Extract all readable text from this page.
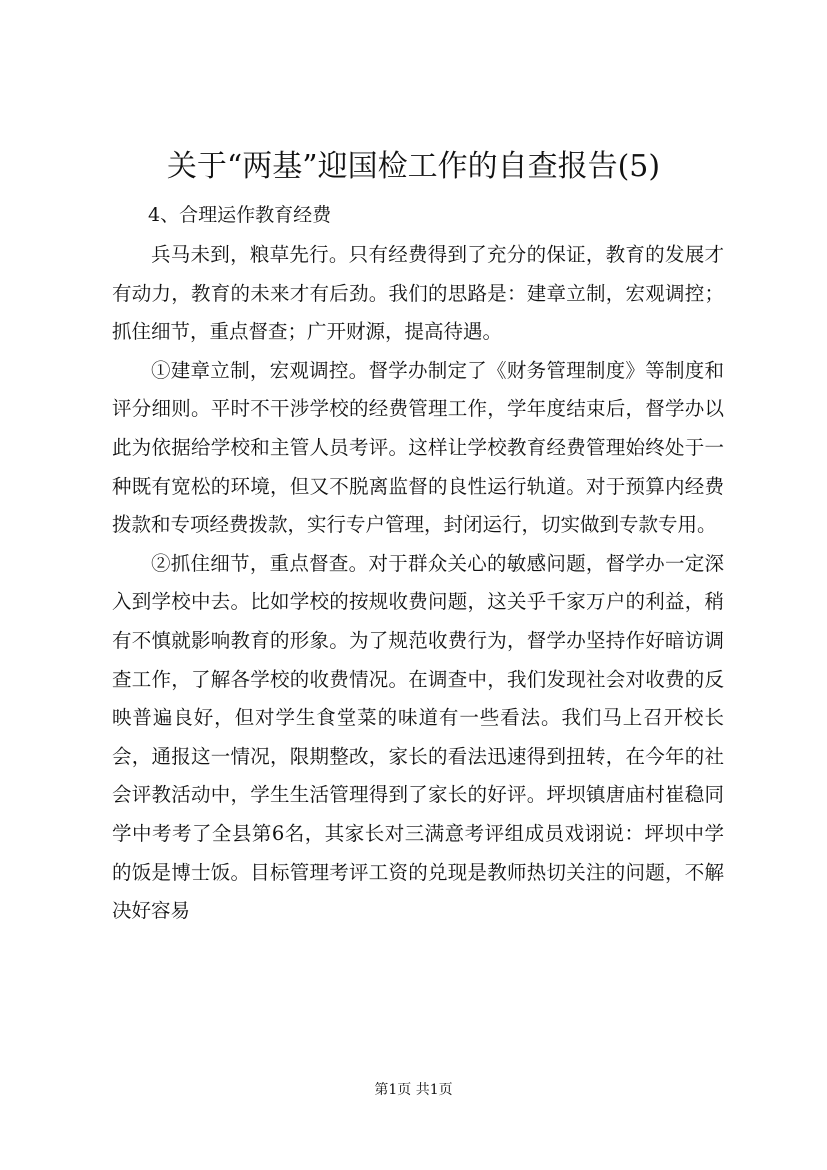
关于“两基”迎国检工作的自查报告(5)

4、合理运作教育经费

兵马未到，粮草先行。只有经费得到了充分的保证，教育的发展才有动力，教育的未来才有后劲。我们的思路是：建章立制，宏观调控；抓住细节，重点督查；广开财源，提高待遇。

①建章立制，宏观调控。督学办制定了《财务管理制度》等制度和评分细则。平时不干涉学校的经费管理工作，学年度结束后，督学办以此为依据给学校和主管人员考评。这样让学校教育经费管理始终处于一种既有宽松的环境，但又不脱离监督的良性运行轨道。对于预算内经费拨款和专项经费拨款，实行专户管理，封闭运行，切实做到专款专用。

②抓住细节，重点督查。对于群众关心的敏感问题，督学办一定深入到学校中去。比如学校的按规收费问题，这关乎千家万户的利益，稍有不慎就影响教育的形象。为了规范收费行为，督学办坚持作好暗访调查工作，了解各学校的收费情况。在调查中，我们发现社会对收费的反映普遍良好，但对学生食堂菜的味道有一些看法。我们马上召开校长会，通报这一情况，限期整改，家长的看法迅速得到扭转，在今年的社会评教活动中，学生生活管理得到了家长的好评。坪坝镇唐庙村崔稳同学中考考了全县第6名，其家长对三满意考评组成员戏诩说：坪坝中学的饭是博士饭。目标管理考评工资的兑现是教师热切关注的问题，不解决好容易

第1页 共1页
